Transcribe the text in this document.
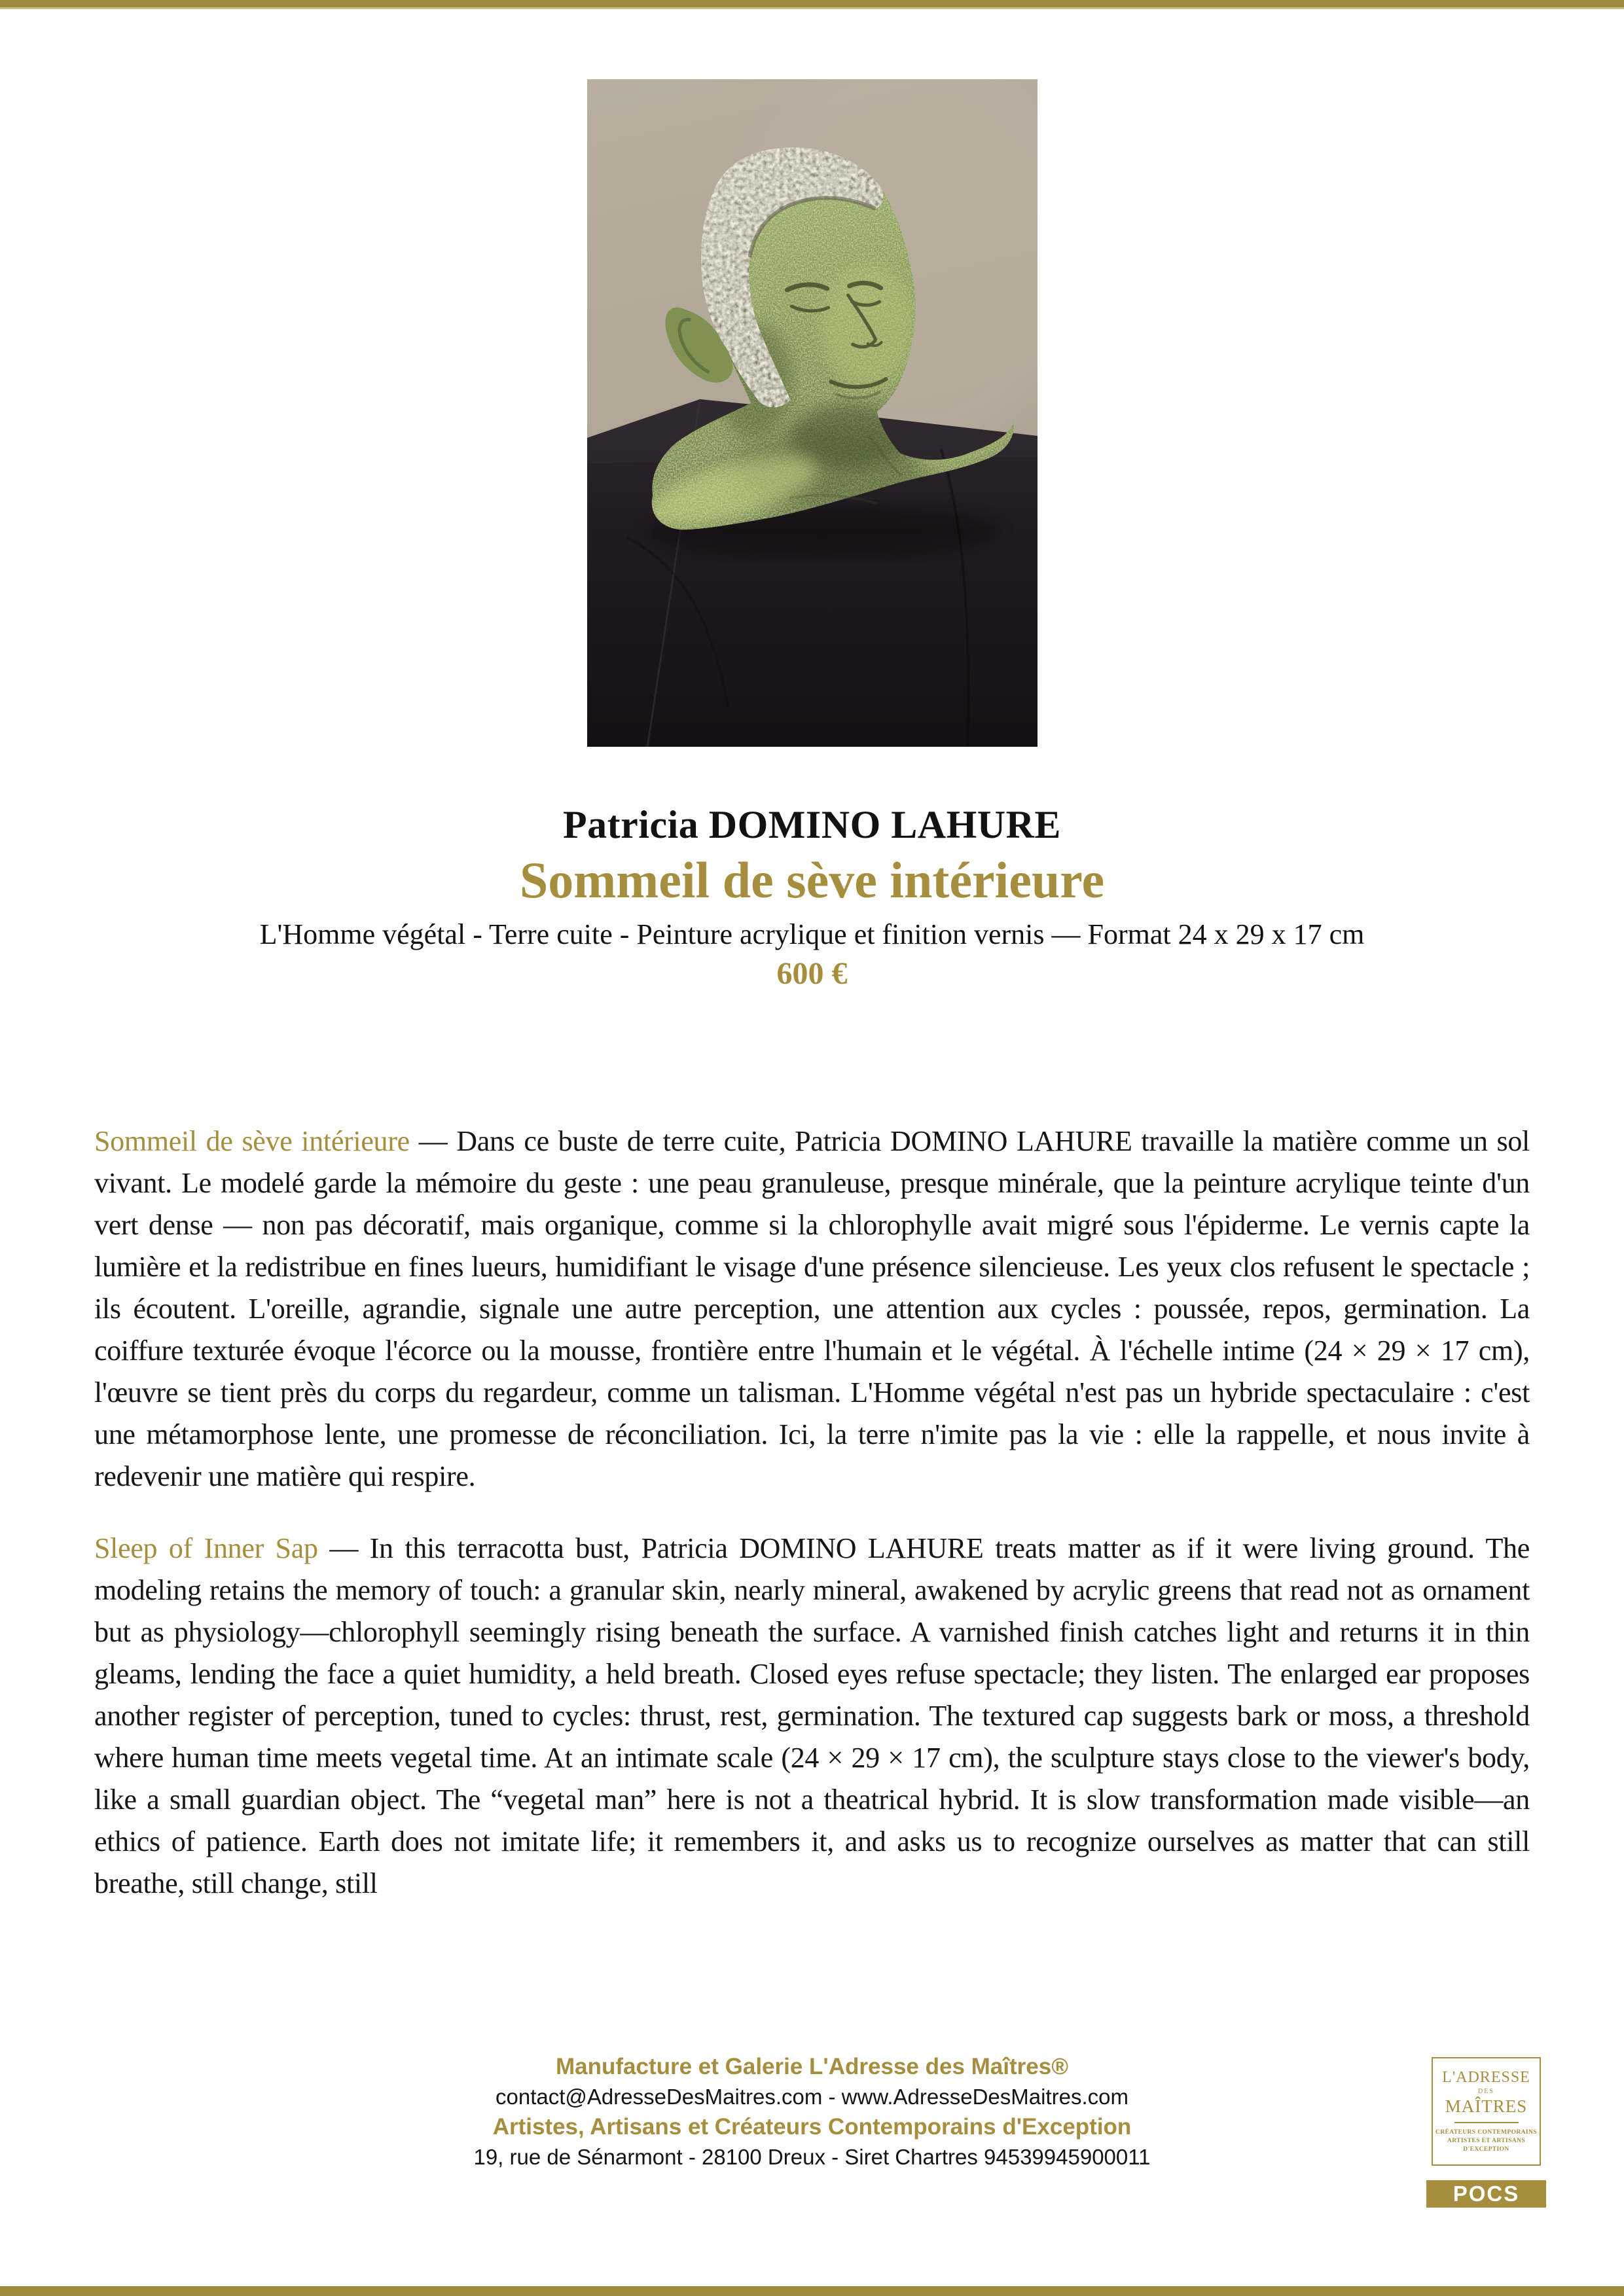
Patricia DOMINO LAHURE
Sommeil de sève intérieure
L'Homme végétal - Terre cuite - Peinture acrylique et finition vernis — Format 24 x 29 x 17 cm
600 €

Sommeil de sève intérieure — Dans ce buste de terre cuite, Patricia DOMINO LAHURE travaille la matière comme un sol vivant. Le modelé garde la mémoire du geste : une peau granuleuse, presque minérale, que la peinture acrylique teinte d'un vert dense — non pas décoratif, mais organique, comme si la chlorophylle avait migré sous l'épiderme. Le vernis capte la lumière et la redistribue en fines lueurs, humidifiant le visage d'une présence silencieuse. Les yeux clos refusent le spectacle ; ils écoutent. L'oreille, agrandie, signale une autre perception, une attention aux cycles : poussée, repos, germination. La coiffure texturée évoque l'écorce ou la mousse, frontière entre l'humain et le végétal. À l'échelle intime (24 × 29 × 17 cm), l'œuvre se tient près du corps du regardeur, comme un talisman. L'Homme végétal n'est pas un hybride spectaculaire : c'est une métamorphose lente, une promesse de réconciliation. Ici, la terre n'imite pas la vie : elle la rappelle, et nous invite à redevenir une matière qui respire.

Sleep of Inner Sap — In this terracotta bust, Patricia DOMINO LAHURE treats matter as if it were living ground. The modeling retains the memory of touch: a granular skin, nearly mineral, awakened by acrylic greens that read not as ornament but as physiology—chlorophyll seemingly rising beneath the surface. A varnished finish catches light and returns it in thin gleams, lending the face a quiet humidity, a held breath. Closed eyes refuse spectacle; they listen. The enlarged ear proposes another register of perception, tuned to cycles: thrust, rest, germination. The textured cap suggests bark or moss, a threshold where human time meets vegetal time. At an intimate scale (24 × 29 × 17 cm), the sculpture stays close to the viewer's body, like a small guardian object. The “vegetal man” here is not a theatrical hybrid. It is slow transformation made visible—an ethics of patience. Earth does not imitate life; it remembers it, and asks us to recognize ourselves as matter that can still breathe, still change, still

Manufacture et Galerie L'Adresse des Maîtres®
contact@AdresseDesMaitres.com - www.AdresseDesMaitres.com
Artistes, Artisans et Créateurs Contemporains d'Exception
19, rue de Sénarmont - 28100 Dreux - Siret Chartres 94539945900011
L'ADRESSE
DES
MAÎTRES
CRÉATEURS CONTEMPORAINS
ARTISTES ET ARTISANS
D'EXCEPTION
POCS
